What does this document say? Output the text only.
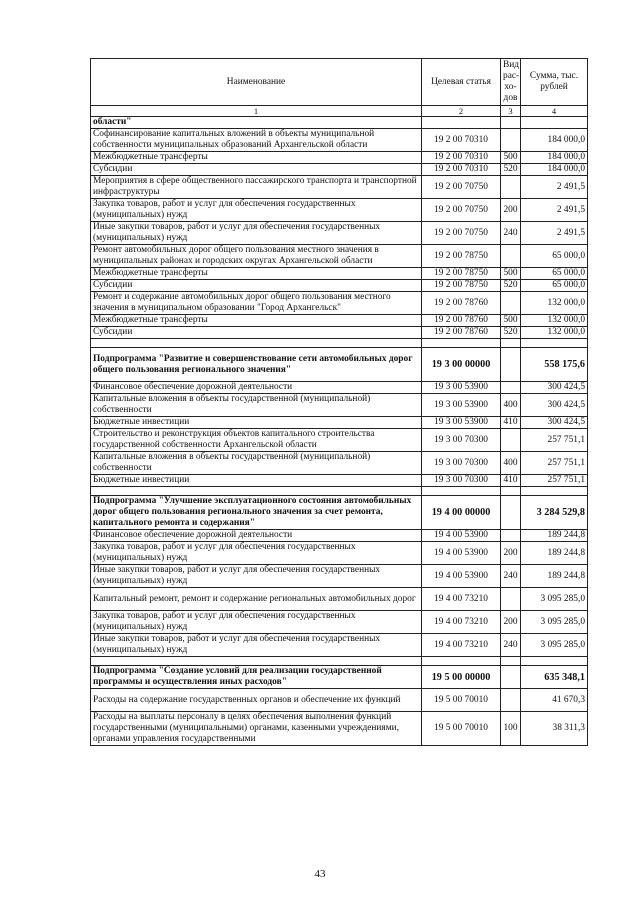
Наименование	Целевая статья	Вид рас-хо-дов	Сумма, тыс. рублей
1	2	3	4
области"			
Софинансирование капитальных вложений в объекты муниципальной собственности муниципальных образований Архангельской области	19 2 00 70310		184 000,0
Межбюджетные трансферты	19 2 00 70310	500	184 000,0
Субсидии	19 2 00 70310	520	184 000,0
Мероприятия в сфере общественного пассажирского транспорта и транспортной инфраструктуры	19 2 00 70750		2 491,5
Закупка товаров, работ и услуг для обеспечения государственных (муниципальных) нужд	19 2 00 70750	200	2 491,5
Иные закупки товаров, работ и услуг для обеспечения государственных (муниципальных) нужд	19 2 00 70750	240	2 491,5
Ремонт автомобильных дорог общего пользования местного значения в муниципальных районах и городских округах Архангельской области	19 2 00 78750		65 000,0
Межбюджетные трансферты	19 2 00 78750	500	65 000,0
Субсидии	19 2 00 78750	520	65 000,0
Ремонт и содержание автомобильных дорог общего пользования местного значения в муниципальном образовании "Город Архангельск"	19 2 00 78760		132 000,0
Межбюджетные трансферты	19 2 00 78760	500	132 000,0
Субсидии	19 2 00 78760	520	132 000,0

Подпрограмма "Развитие и совершенствование сети автомобильных дорог общего пользования регионального значения"	19 3 00 00000		558 175,6
Финансовое обеспечение дорожной деятельности	19 3 00 53900		300 424,5
Капитальные вложения в объекты государственной (муниципальной) собственности	19 3 00 53900	400	300 424,5
Бюджетные инвестиции	19 3 00 53900	410	300 424,5
Строительство и реконструкция объектов капитального строительства государственной собственности Архангельской области	19 3 00 70300		257 751,1
Капитальные вложения в объекты государственной (муниципальной) собственности	19 3 00 70300	400	257 751,1
Бюджетные инвестиции	19 3 00 70300	410	257 751,1

Подпрограмма "Улучшение эксплуатационного состояния автомобильных дорог общего пользования регионального значения за счет ремонта, капитального ремонта и содержания"	19 4 00 00000		3 284 529,8
Финансовое обеспечение дорожной деятельности	19 4 00 53900		189 244,8
Закупка товаров, работ и услуг для обеспечения государственных (муниципальных) нужд	19 4 00 53900	200	189 244,8
Иные закупки товаров, работ и услуг для обеспечения государственных (муниципальных) нужд	19 4 00 53900	240	189 244,8
Капитальный ремонт, ремонт и содержание региональных автомобильных дорог	19 4 00 73210		3 095 285,0
Закупка товаров, работ и услуг для обеспечения государственных (муниципальных) нужд	19 4 00 73210	200	3 095 285,0
Иные закупки товаров, работ и услуг для обеспечения государственных (муниципальных) нужд	19 4 00 73210	240	3 095 285,0

Подпрограмма "Создание условий для реализации государственной программы и осуществления иных расходов"	19 5 00 00000		635 348,1
Расходы на содержание государственных органов и обеспечение их функций	19 5 00 70010		41 670,3
Расходы на выплаты персоналу в целях обеспечения выполнения функций государственными (муниципальными) органами, казенными учреждениями, органами управления государственными	19 5 00 70010	100	38 311,3
43
